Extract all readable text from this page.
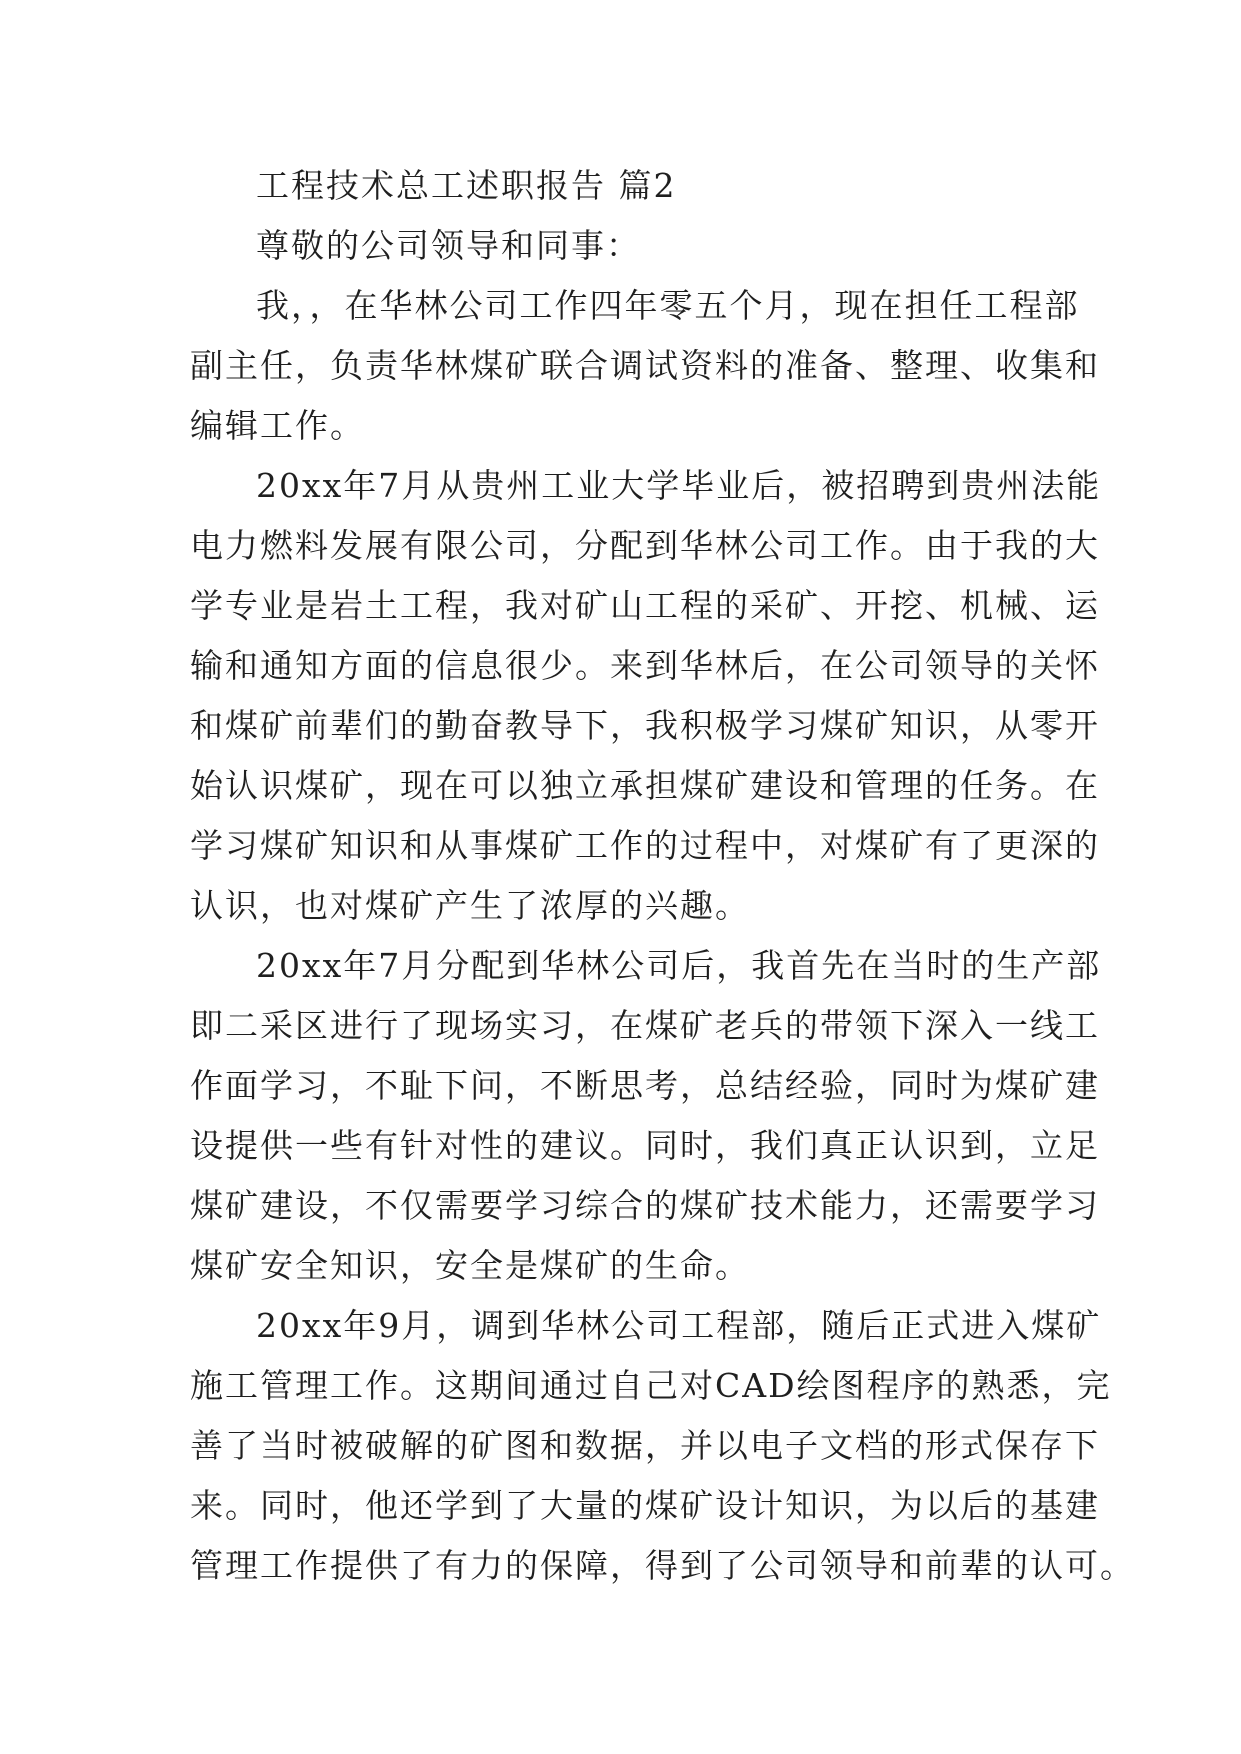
工程技术总工述职报告 篇2
尊敬的公司领导和同事：
我，，在华林公司工作四年零五个月，现在担任工程部
副主任，负责华林煤矿联合调试资料的准备、整理、收集和
编辑工作。
20xx年7月从贵州工业大学毕业后，被招聘到贵州法能
电力燃料发展有限公司，分配到华林公司工作。由于我的大
学专业是岩土工程，我对矿山工程的采矿、开挖、机械、运
输和通知方面的信息很少。来到华林后，在公司领导的关怀
和煤矿前辈们的勤奋教导下，我积极学习煤矿知识，从零开
始认识煤矿，现在可以独立承担煤矿建设和管理的任务。在
学习煤矿知识和从事煤矿工作的过程中，对煤矿有了更深的
认识，也对煤矿产生了浓厚的兴趣。
20xx年7月分配到华林公司后，我首先在当时的生产部
即二采区进行了现场实习，在煤矿老兵的带领下深入一线工
作面学习，不耻下问，不断思考，总结经验，同时为煤矿建
设提供一些有针对性的建议。同时，我们真正认识到，立足
煤矿建设，不仅需要学习综合的煤矿技术能力，还需要学习
煤矿安全知识，安全是煤矿的生命。
20xx年9月，调到华林公司工程部，随后正式进入煤矿
施工管理工作。这期间通过自己对CAD绘图程序的熟悉，完
善了当时被破解的矿图和数据，并以电子文档的形式保存下
来。同时，他还学到了大量的煤矿设计知识，为以后的基建
管理工作提供了有力的保障，得到了公司领导和前辈的认可。
